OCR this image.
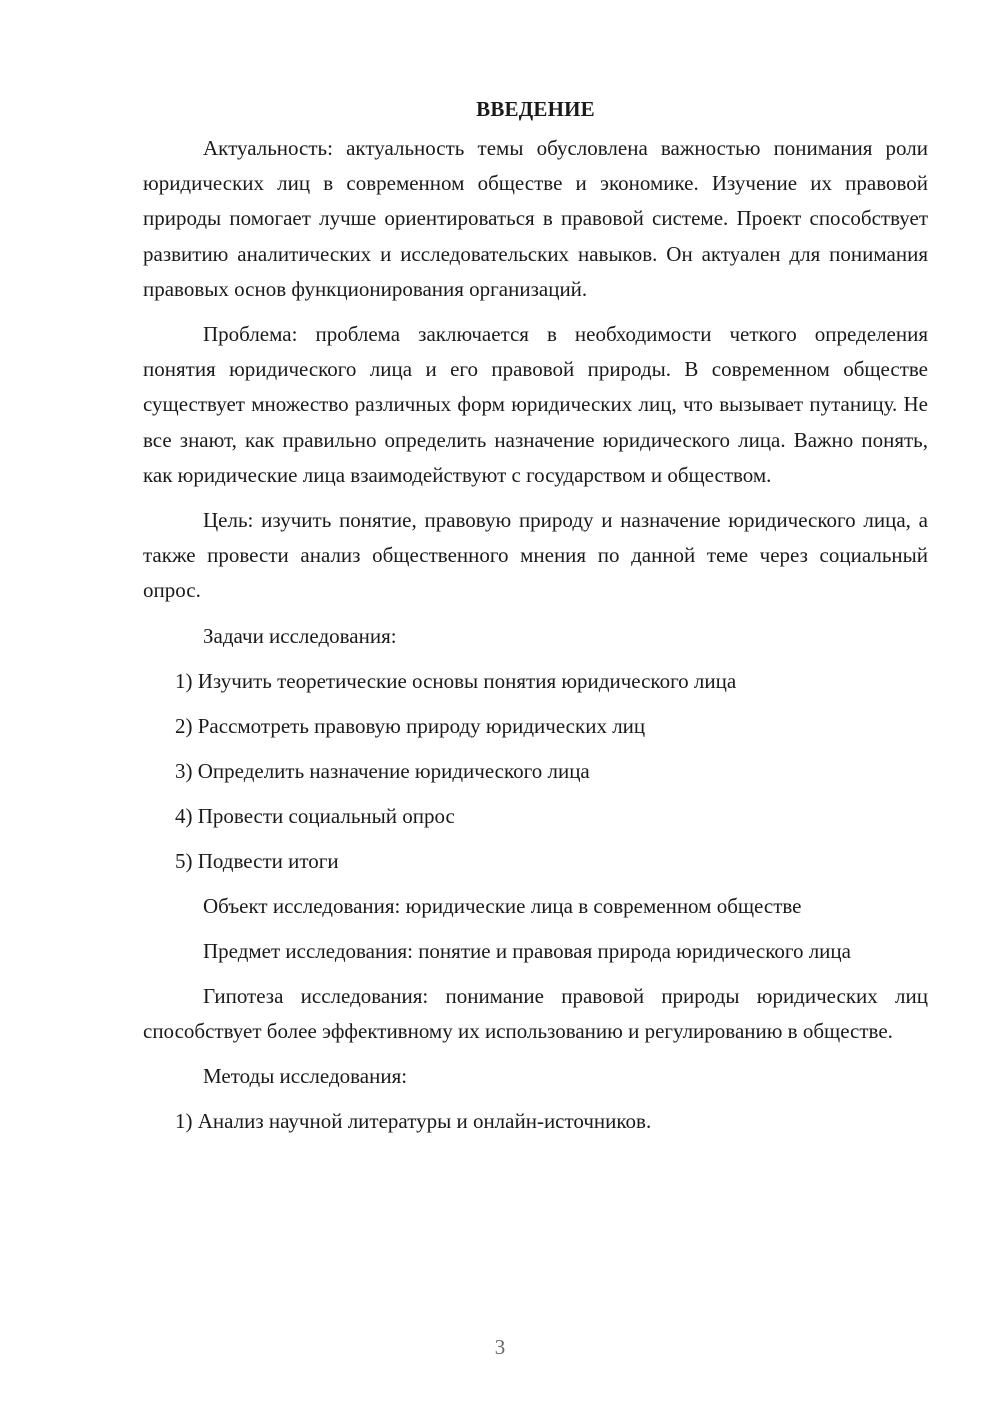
ВВЕДЕНИЕ

Актуальность: актуальность темы обусловлена важностью понимания роли юридических лиц в современном обществе и экономике. Изучение их правовой природы помогает лучше ориентироваться в правовой системе. Проект способствует развитию аналитических и исследовательских навыков. Он актуален для понимания правовых основ функционирования организаций.

Проблема: проблема заключается в необходимости четкого определения понятия юридического лица и его правовой природы. В современном обществе существует множество различных форм юридических лиц, что вызывает путаницу. Не все знают, как правильно определить назначение юридического лица. Важно понять, как юридические лица взаимодействуют с государством и обществом.

Цель: изучить понятие, правовую природу и назначение юридического лица, а также провести анализ общественного мнения по данной теме через социальный опрос.

Задачи исследования:

1) Изучить теоретические основы понятия юридического лица

2) Рассмотреть правовую природу юридических лиц

3) Определить назначение юридического лица

4) Провести социальный опрос

5) Подвести итоги

Объект исследования: юридические лица в современном обществе

Предмет исследования: понятие и правовая природа юридического лица

Гипотеза исследования: понимание правовой природы юридических лиц способствует более эффективному их использованию и регулированию в обществе.

Методы исследования:

1) Анализ научной литературы и онлайн-источников.

3
